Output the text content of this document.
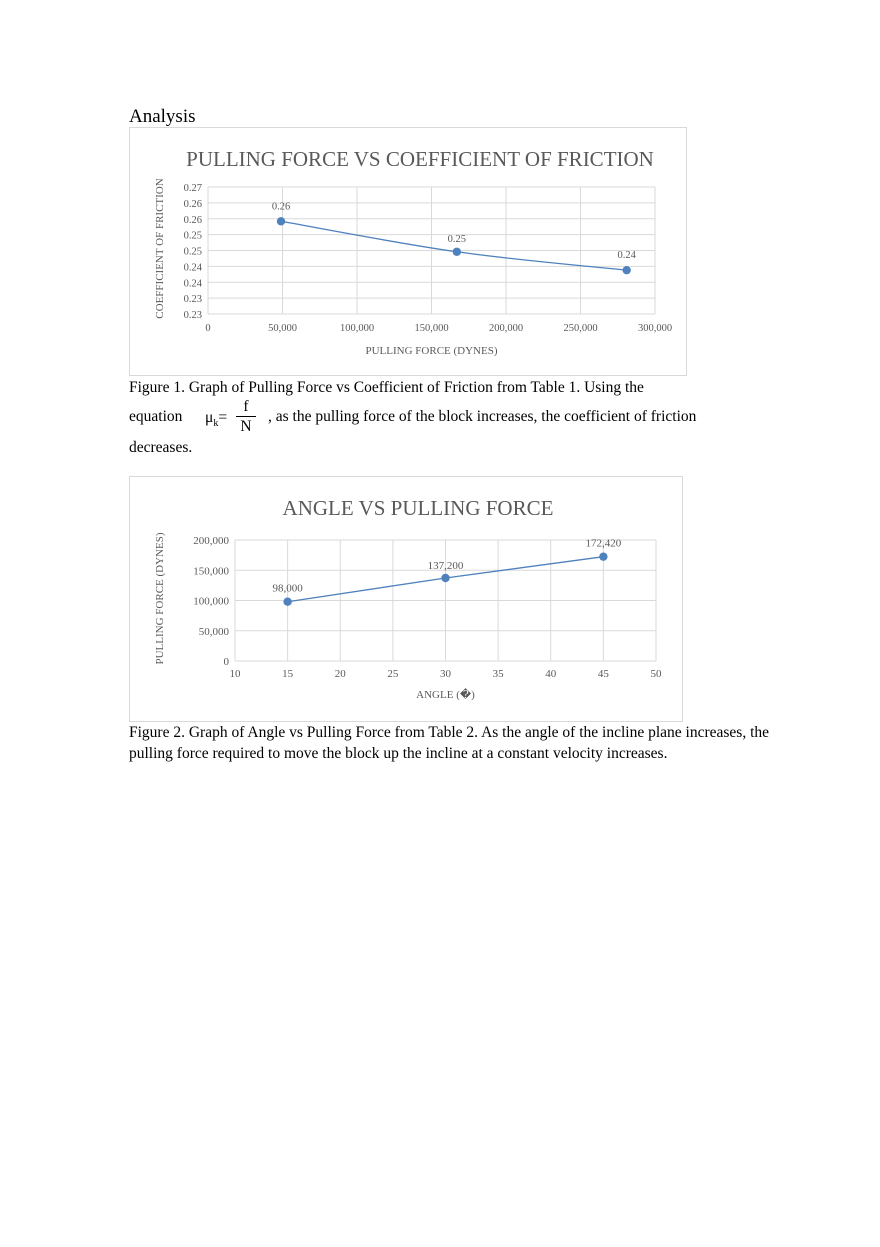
Analysis
PULLING FORCE VS COEFFICIENT OF FRICTION
0.23
0.23
0.24
0.24
0.25
0.25
0.26
0.26
0.27
0	50,000	100,000	150,000	200,000	250,000	300,000
PULLING FORCE (DYNES)
COEFFICIENT OF FRICTION	0.26
0.25
0.24

Figure 1. Graph of Pulling Force vs Coefficient of Friction from Table 1. Using the

equation $\mu_k= \frac{f}{N}$ , as the pulling force of the block increases, the coefficient of friction
decreases.
ANGLE VS PULLING FORCE
0
50,000
100,000
150,000
200,000
10	15	20	25	30	35	40	45	50
ANGLE (�)
PULLING FORCE (DYNES)	98,000
137,200
172,420

Figure 2. Graph of Angle vs Pulling Force from Table 2. As the angle of the incline plane increases, the pulling force required to move the block up the incline at a constant velocity increases.
